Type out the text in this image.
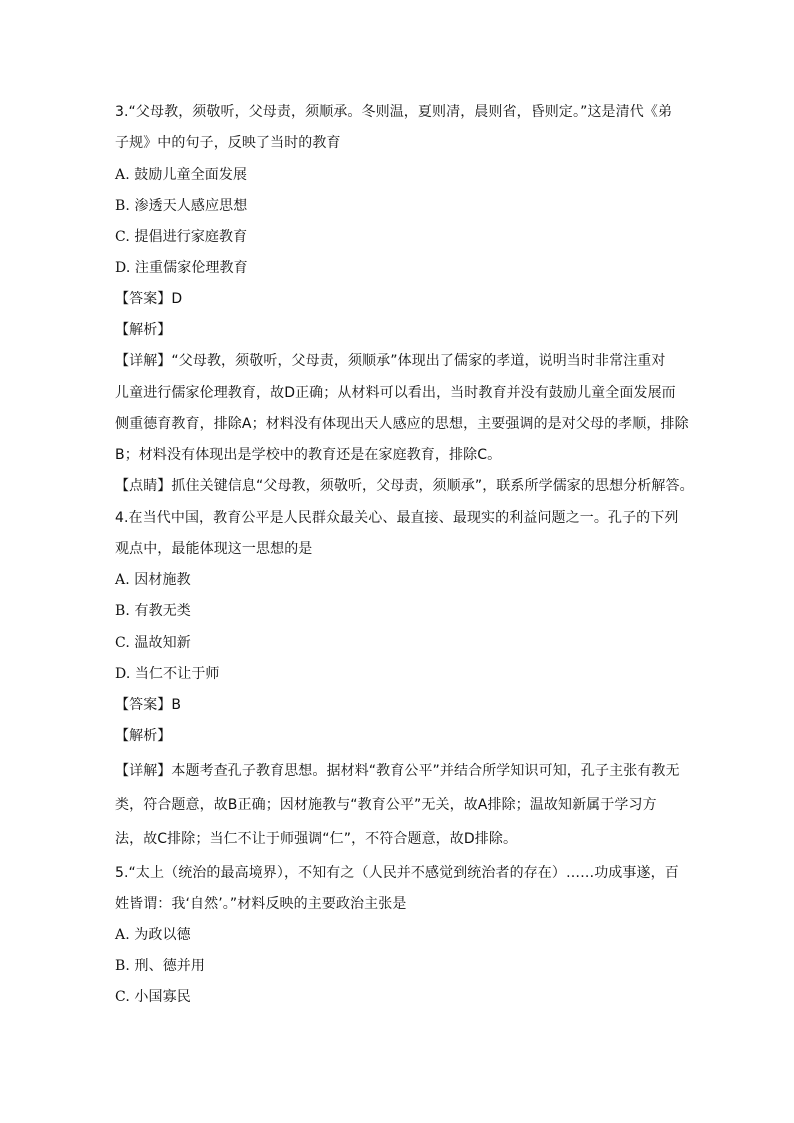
3.“父母教，须敬听，父母责，须顺承。冬则温，夏则凊，晨则省，昏则定。”这是清代《弟
子规》中的句子，反映了当时的教育
A. 鼓励儿童全面发展
B. 渗透天人感应思想
C. 提倡进行家庭教育
D. 注重儒家伦理教育
【答案】D
【解析】
【详解】“父母教，须敬听，父母责，须顺承”体现出了儒家的孝道，说明当时非常注重对
儿童进行儒家伦理教育，故D正确；从材料可以看出，当时教育并没有鼓励儿童全面发展而
侧重德育教育，排除A；材料没有体现出天人感应的思想，主要强调的是对父母的孝顺，排除
B；材料没有体现出是学校中的教育还是在家庭教育，排除C。
【点睛】抓住关键信息“父母教，须敬听，父母责，须顺承”，联系所学儒家的思想分析解答。
4.在当代中国，教育公平是人民群众最关心、最直接、最现实的利益问题之一。孔子的下列
观点中，最能体现这一思想的是
A. 因材施教
B. 有教无类
C. 温故知新
D. 当仁不让于师
【答案】B
【解析】
【详解】本题考查孔子教育思想。据材料“教育公平”并结合所学知识可知，孔子主张有教无
类，符合题意，故B正确；因材施教与“教育公平”无关，故A排除；温故知新属于学习方
法，故C排除；当仁不让于师强调“仁”，不符合题意，故D排除。
5.“太上（统治的最高境界），不知有之（人民并不感觉到统治者的存在）……功成事遂，百
姓皆谓：我‘自然’。”材料反映的主要政治主张是
A. 为政以德
B. 刑、德并用
C. 小国寡民
